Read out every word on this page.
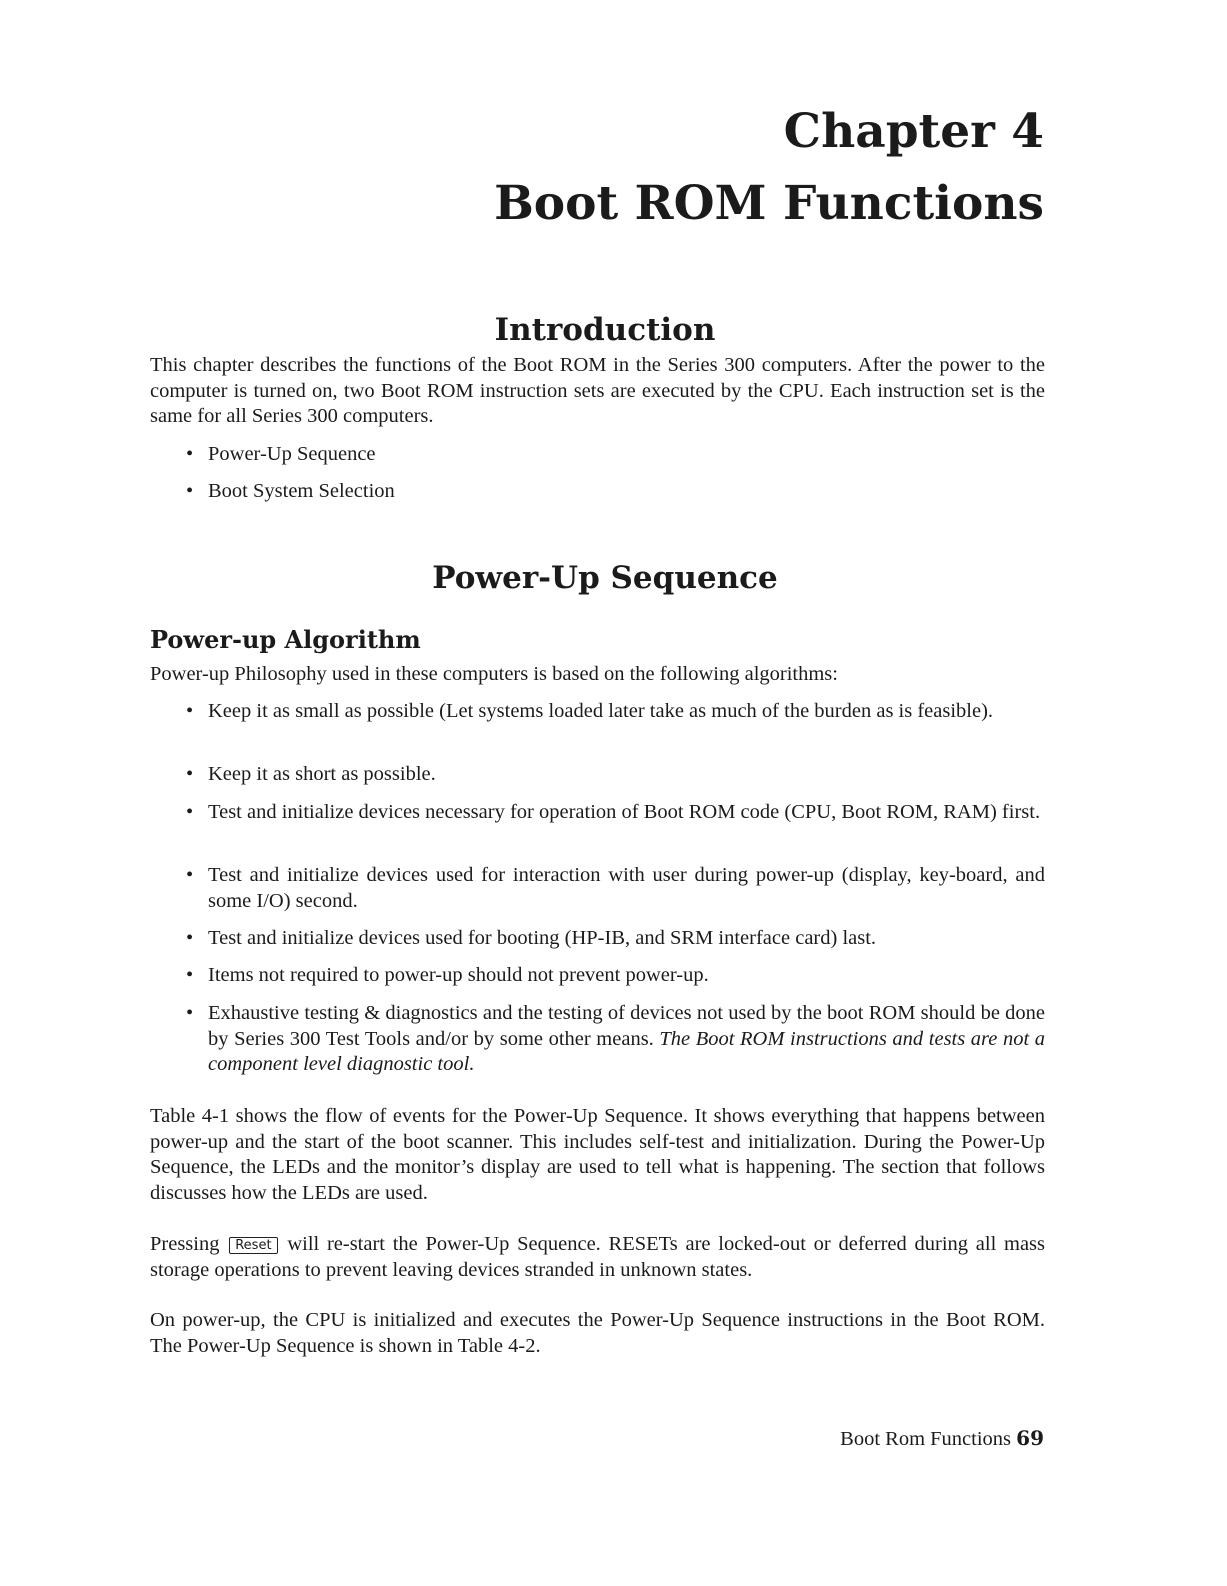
Chapter 4
Boot ROM Functions
Introduction

This chapter describes the functions of the Boot ROM in the Series 300 computers. After the power to the computer is turned on, two Boot ROM instruction sets are executed by the CPU. Each instruction set is the same for all Series 300 computers.

• Power-Up Sequence
• Boot System Selection
Power-Up Sequence
Power-up Algorithm

Power-up Philosophy used in these computers is based on the following algorithms:

• Keep it as small as possible (Let systems loaded later take as much of the burden as is feasible).
• Keep it as short as possible.
• Test and initialize devices necessary for operation of Boot ROM code (CPU, Boot ROM, RAM) first.
• Test and initialize devices used for interaction with user during power-up (display, key-board, and some I/O) second.
• Test and initialize devices used for booting (HP-IB, and SRM interface card) last.
• Items not required to power-up should not prevent power-up.
• Exhaustive testing & diagnostics and the testing of devices not used by the boot ROM should be done by Series 300 Test Tools and/or by some other means. The Boot ROM instructions and tests are not a component level diagnostic tool.

Table 4-1 shows the flow of events for the Power-Up Sequence. It shows everything that happens between power-up and the start of the boot scanner. This includes self-test and initialization. During the Power-Up Sequence, the LEDs and the monitor’s display are used to tell what is happening. The section that follows discusses how the LEDs are used.

Pressing Reset will re-start the Power-Up Sequence. RESETs are locked-out or deferred during all mass storage operations to prevent leaving devices stranded in unknown states.

On power-up, the CPU is initialized and executes the Power-Up Sequence instructions in the Boot ROM. The Power-Up Sequence is shown in Table 4-2.

Boot Rom Functions 69
